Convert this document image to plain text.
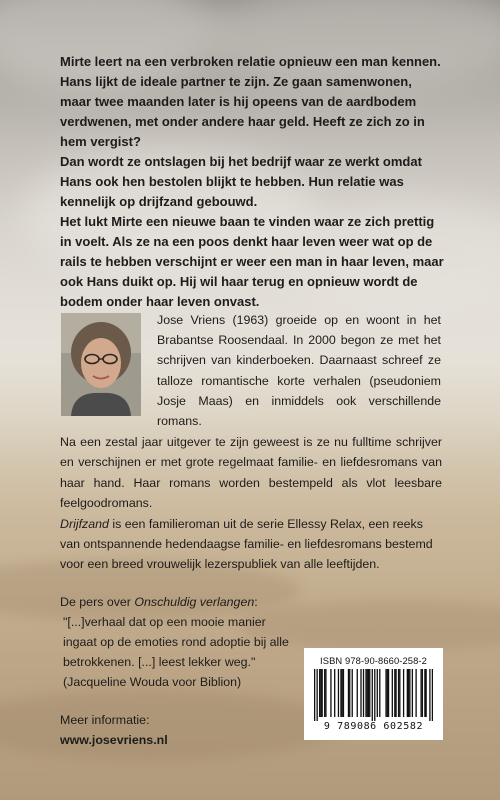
Mirte leert na een verbroken relatie opnieuw een man kennen. Hans lijkt de ideale partner te zijn. Ze gaan samenwonen, maar twee maanden later is hij opeens van de aardbodem verdwenen, met onder andere haar geld. Heeft ze zich zo in hem vergist?

Dan wordt ze ontslagen bij het bedrijf waar ze werkt omdat Hans ook hen bestolen blijkt te hebben. Hun relatie was kennelijk op drijfzand gebouwd.

Het lukt Mirte een nieuwe baan te vinden waar ze zich prettig in voelt. Als ze na een poos denkt haar leven weer wat op de rails te hebben verschijnt er weer een man in haar leven, maar ook Hans duikt op. Hij wil haar terug en opnieuw wordt de bodem onder haar leven onvast.

Jose Vriens (1963) groeide op en woont in het Brabantse Roosendaal. In 2000 begon ze met het schrijven van kinderboeken. Daarnaast schreef ze talloze romantische korte verhalen (pseudoniem Josje Maas) en inmiddels ook verschillende romans.

Na een zestal jaar uitgever te zijn geweest is ze nu fulltime schrijver en verschijnen er met grote regelmaat familie- en liefdesromans van haar hand. Haar romans worden bestempeld als vlot leesbare feelgoodromans.

Drijfzand is een familieroman uit de serie Ellessy Relax, een reeks van ontspannende hedendaagse familie- en liefdesromans bestemd voor een breed vrouwelijk lezerspubliek van alle leeftijden.

De pers over Onschuldig verlangen:
"[...]verhaal dat op een mooie manier ingaat op de emoties rond adoptie bij alle betrokkenen. [...] leest lekker weg."
(Jacqueline Wouda voor Biblion)

Meer informatie:
www.josevriens.nl

ISBN 978-90-8660-258-2
9 789086 602582
